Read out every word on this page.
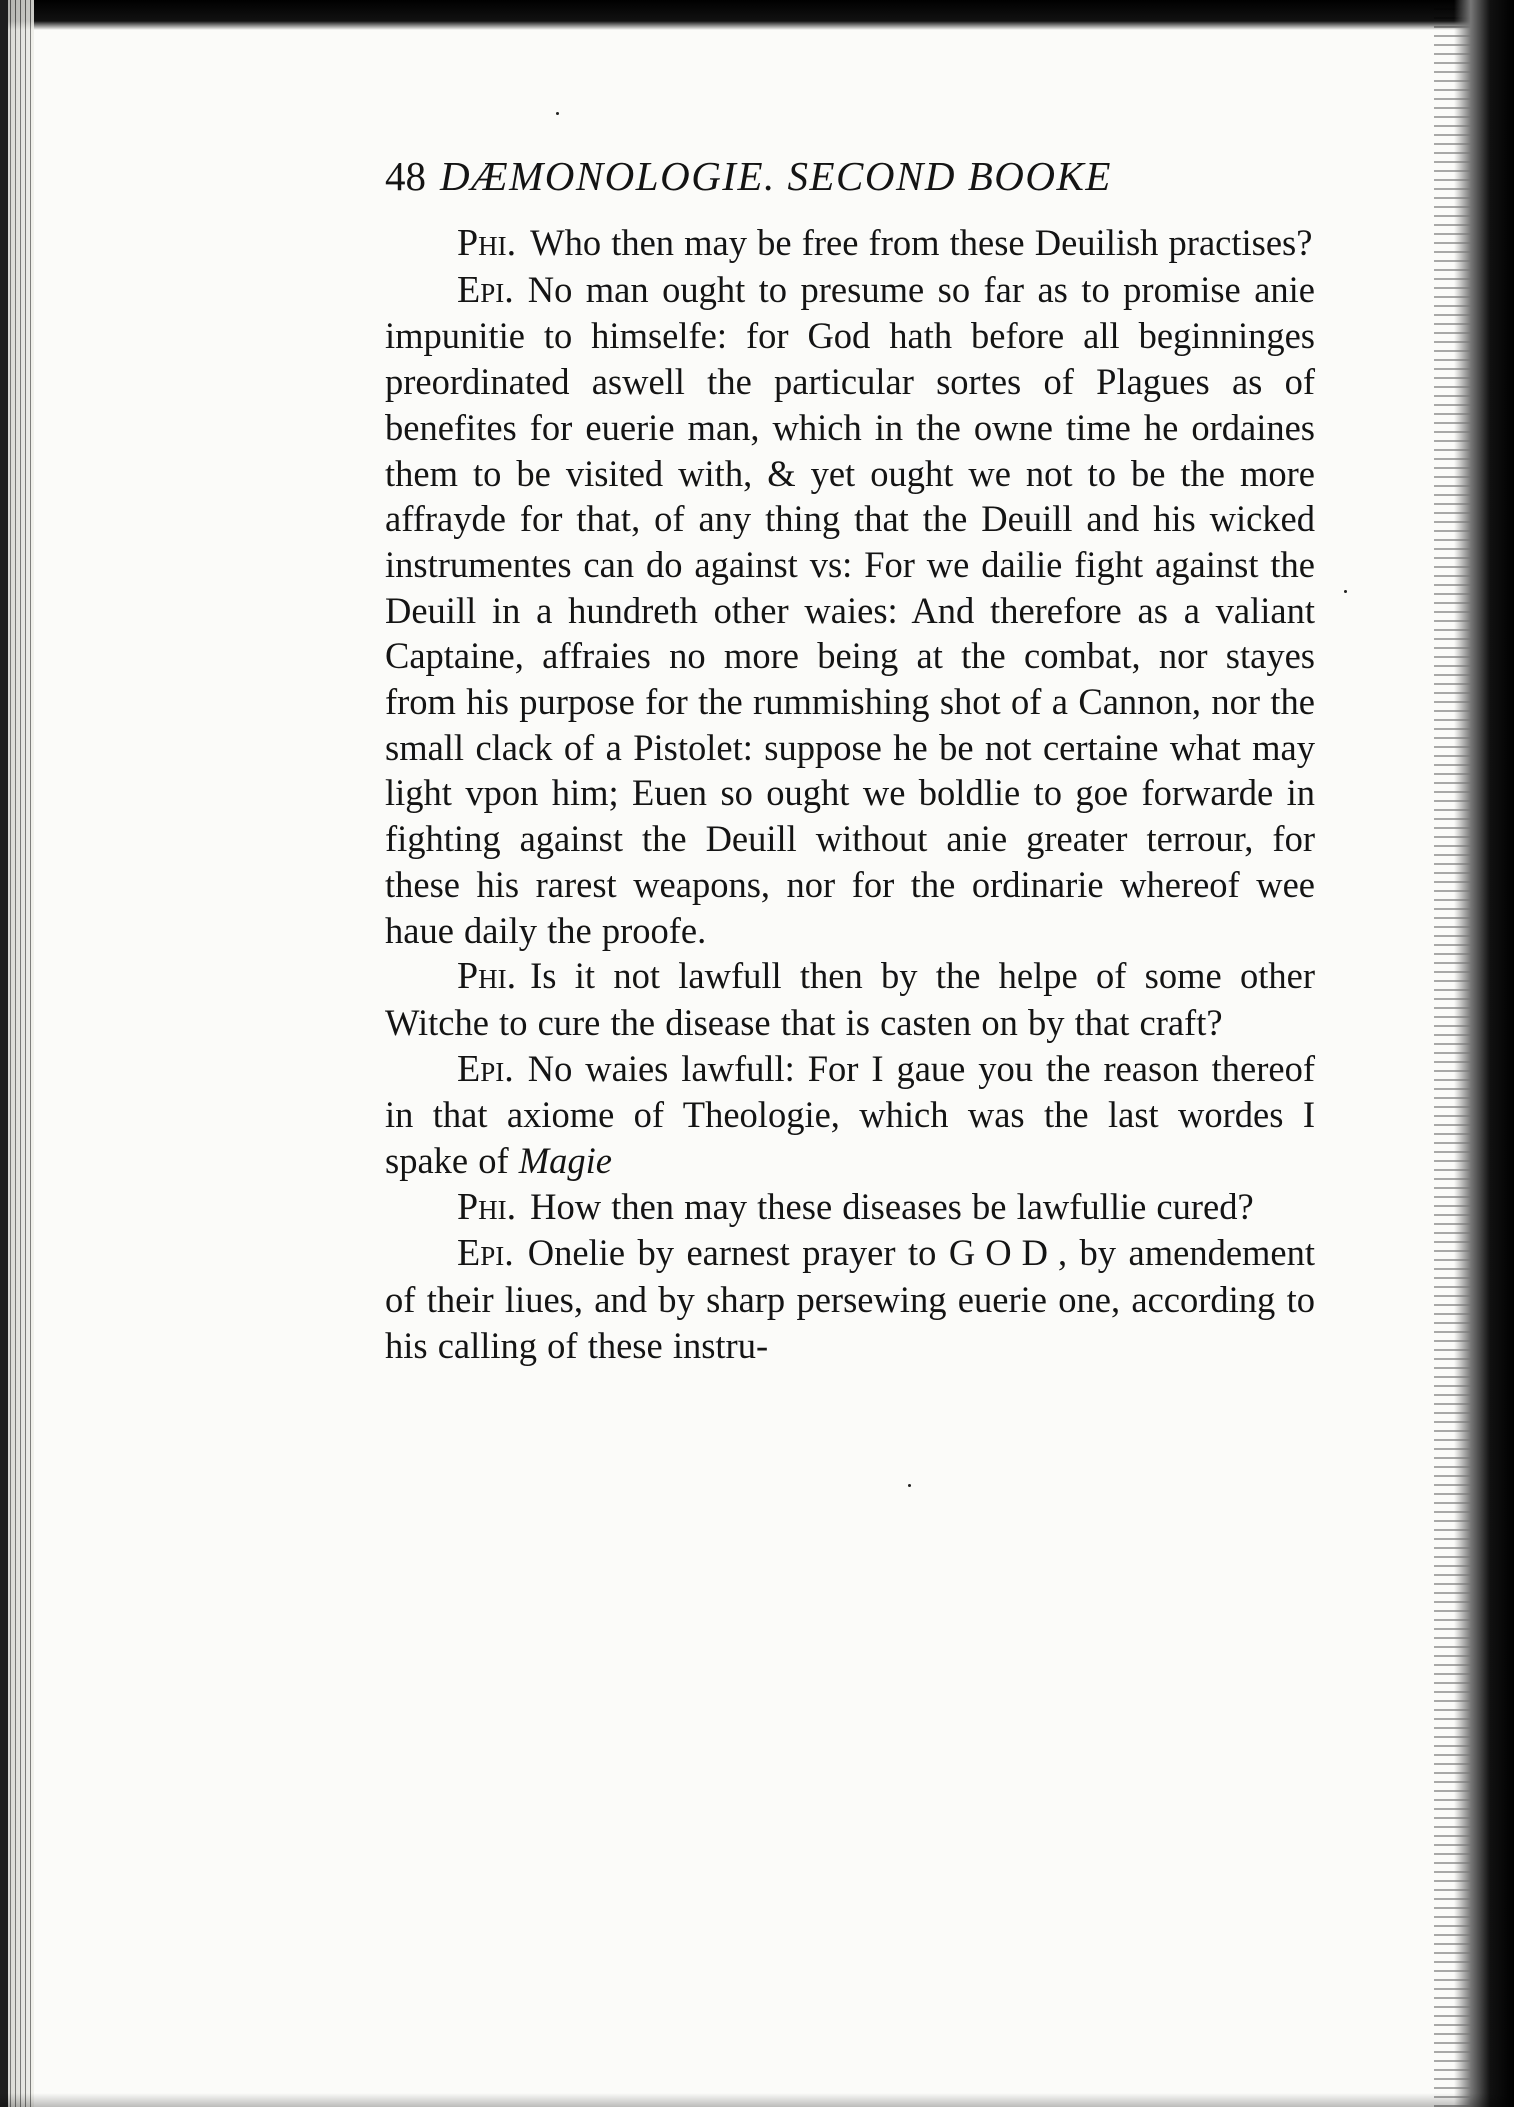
48 DÆMONOLOGIE. SECOND BOOKE

Phi. Who then may be free from these Deuilish practises?

Epi. No man ought to presume so far as to promise anie impunitie to himselfe: for God hath before all beginninges preordinated aswell the particular sortes of Plagues as of benefites for euerie man, which in the owne time he ordaines them to be visited with, & yet ought we not to be the more affrayde for that, of any thing that the Deuill and his wicked instrumentes can do against vs: For we dailie fight against the Deuill in a hundreth other waies: And therefore as a valiant Captaine, affraies no more being at the combat, nor stayes from his purpose for the rummishing shot of a Cannon, nor the small clack of a Pistolet: suppose he be not certaine what may light vpon him; Euen so ought we boldlie to goe forwarde in fighting against the Deuill without anie greater terrour, for these his rarest weapons, nor for the ordinarie whereof wee haue daily the proofe.

Phi. Is it not lawfull then by the helpe of some other Witche to cure the disease that is casten on by that craft?

Epi. No waies lawfull: For I gaue you the reason thereof in that axiome of Theologie, which was the last wordes I spake of Magie

Phi. How then may these diseases be lawfullie cured?

Epi. Onelie by earnest prayer to GOD, by amendement of their liues, and by sharp persewing euerie one, according to his calling of these instru-
